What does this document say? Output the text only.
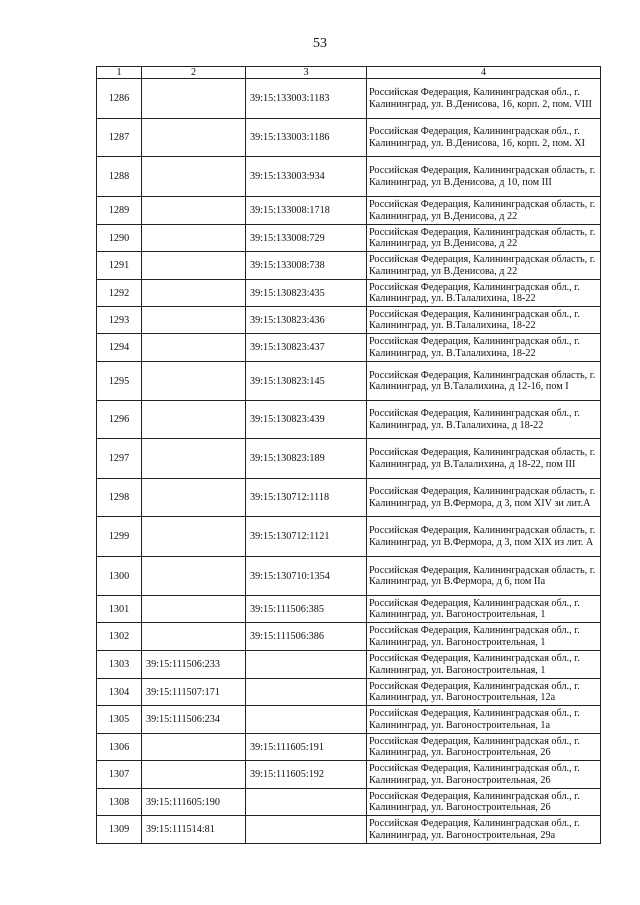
53
1	2	3	4
1286		39:15:133003:1183	Российская Федерация, Калининградская обл., г. Калининград, ул. В.Денисова, 16, корп. 2, пом. VIII
1287		39:15:133003:1186	Российская Федерация, Калининградская обл., г. Калининград, ул. В.Денисова, 16, корп. 2, пом. XI
1288		39:15:133003:934	Российская Федерация, Калининградская область, г. Калининград, ул В.Денисова, д 10, пом III
1289		39:15:133008:1718	Российская Федерация, Калининградская область, г. Калининград, ул В.Денисова, д 22
1290		39:15:133008:729	Российская Федерация, Калининградская область, г. Калининград, ул В.Денисова, д 22
1291		39:15:133008:738	Российская Федерация, Калининградская область, г. Калининград, ул В.Денисова, д 22
1292		39:15:130823:435	Российская Федерация, Калининградская обл., г. Калининград, ул. В.Талалихина, 18-22
1293		39:15:130823:436	Российская Федерация, Калининградская обл., г. Калининград, ул. В.Талалихина, 18-22
1294		39:15:130823:437	Российская Федерация, Калининградская обл., г. Калининград, ул. В.Талалихина, 18-22
1295		39:15:130823:145	Российская Федерация, Калининградская область, г. Калининград, ул В.Талалихина, д 12-16, пом I
1296		39:15:130823:439	Российская Федерация, Калининградская обл., г. Калининград, ул. В.Талалихина, д 18-22
1297		39:15:130823:189	Российская Федерация, Калининградская область, г. Калининград, ул В.Талалихина, д 18-22, пом III
1298		39:15:130712:1118	Российская Федерация, Калининградская область, г. Калининград, ул В.Фермора, д 3, пом XIV зи лит.А
1299		39:15:130712:1121	Российская Федерация, Калининградская область, г. Калининград, ул В.Фермора, д 3, пом XIX из лит. А
1300		39:15:130710:1354	Российская Федерация, Калининградская область, г. Калининград, ул В.Фермора, д 6, пом IIa
1301		39:15:111506:385	Российская Федерация, Калининградская обл., г. Калининград, ул. Вагоностроительная, 1
1302		39:15:111506:386	Российская Федерация, Калининградская обл., г. Калининград, ул. Вагоностроительная, 1
1303	39:15:111506:233		Российская Федерация, Калининградская обл., г. Калининград, ул. Вагоностроительная, 1
1304	39:15:111507:171		Российская Федерация, Калининградская обл., г. Калининград, ул. Вагоностроительная, 12а
1305	39:15:111506:234		Российская Федерация, Калининградская обл., г. Калининград, ул. Вагоностроительная, 1а
1306		39:15:111605:191	Российская Федерация, Калининградская обл., г. Калининград, ул. Вагоностроительная, 26
1307		39:15:111605:192	Российская Федерация, Калининградская обл., г. Калининград, ул. Вагоностроительная, 26
1308	39:15:111605:190		Российская Федерация, Калининградская обл., г. Калининград, ул. Вагоностроительная, 26
1309	39:15:111514:81		Российская Федерация, Калининградская обл., г. Калининград, ул. Вагоностроительная, 29а
